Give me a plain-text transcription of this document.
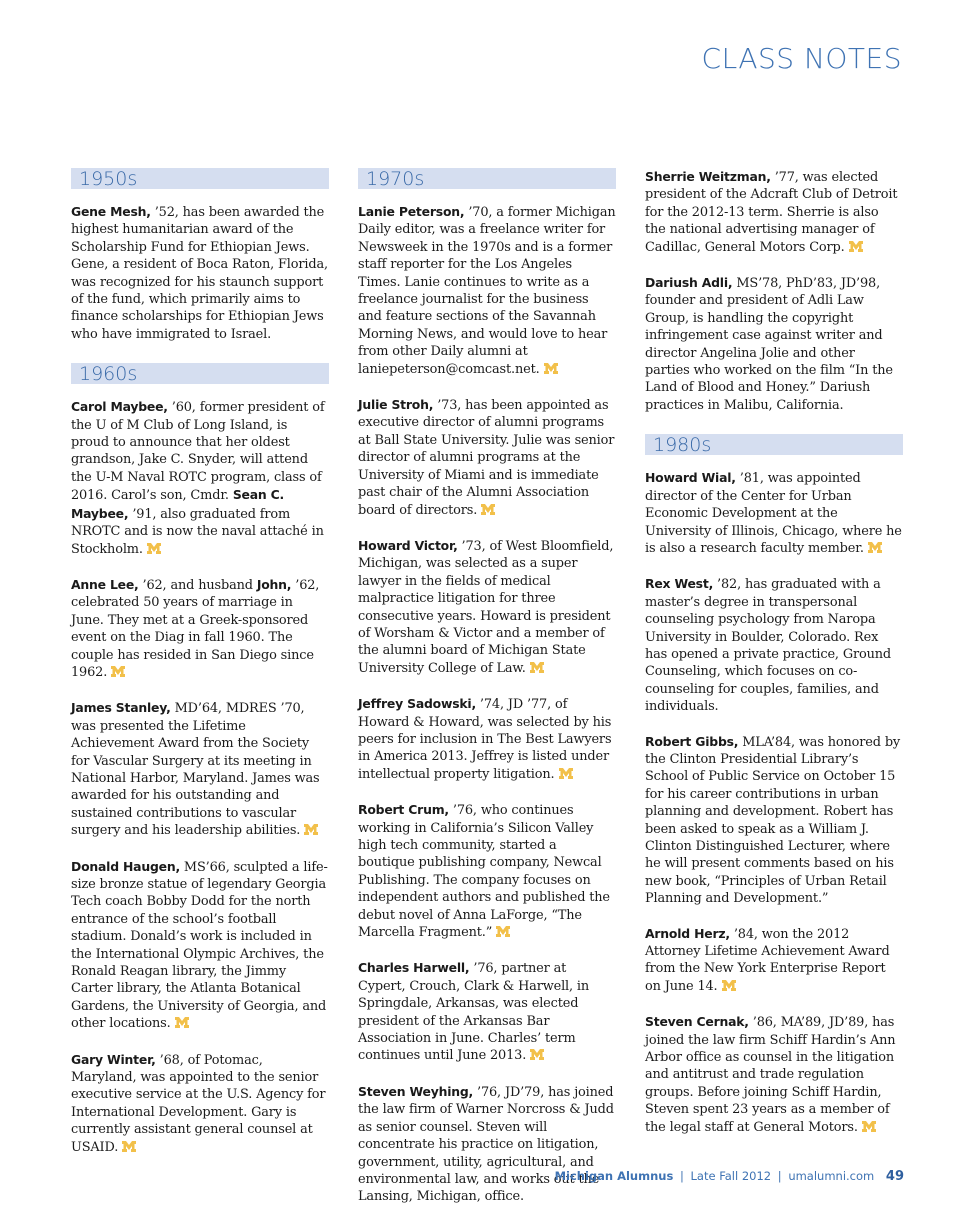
CLASS NOTES
1950s

Gene Mesh, ’52, has been awarded the highest humanitarian award of the Scholarship Fund for Ethiopian Jews. Gene, a resident of Boca Raton, Florida, was recognized for his staunch support of the fund, which primarily aims to finance scholarships for Ethiopian Jews who have immigrated to Israel.

1960s

Carol Maybee, ’60, former president of the U of M Club of Long Island, is proud to announce that her oldest grandson, Jake C. Snyder, will attend the U-M Naval ROTC program, class of 2016. Carol’s son, Cmdr. Sean C. Maybee, ’91, also graduated from NROTC and is now the naval attaché in Stockholm.

Anne Lee, ’62, and husband John, ’62, celebrated 50 years of marriage in June. They met at a Greek-sponsored event on the Diag in fall 1960. The couple has resided in San Diego since 1962.

James Stanley, MD’64, MDRES ’70, was presented the Lifetime Achievement Award from the Society for Vascular Surgery at its meeting in National Harbor, Maryland. James was awarded for his outstanding and sustained contributions to vascular surgery and his leadership abilities.

Donald Haugen, MS’66, sculpted a life-size bronze statue of legendary Georgia Tech coach Bobby Dodd for the north entrance of the school’s football stadium. Donald’s work is included in the International Olympic Archives, the Ronald Reagan library, the Jimmy Carter library, the Atlanta Botanical Gardens, the University of Georgia, and other locations.

Gary Winter, ’68, of Potomac, Maryland, was appointed to the senior executive service at the U.S. Agency for International Development. Gary is currently assistant general counsel at USAID.

1970s

Lanie Peterson, ’70, a former Michigan Daily editor, was a freelance writer for Newsweek in the 1970s and is a former staff reporter for the Los Angeles Times. Lanie continues to write as a freelance journalist for the business and feature sections of the Savannah Morning News, and would love to hear from other Daily alumni at laniepeterson@comcast.net.

Julie Stroh, ’73, has been appointed as executive director of alumni programs at Ball State University. Julie was senior director of alumni programs at the University of Miami and is immediate past chair of the Alumni Association board of directors.

Howard Victor, ’73, of West Bloomfield, Michigan, was selected as a super lawyer in the fields of medical malpractice litigation for three consecutive years. Howard is president of Worsham & Victor and a member of the alumni board of Michigan State University College of Law.

Jeffrey Sadowski, ’74, JD ’77, of Howard & Howard, was selected by his peers for inclusion in The Best Lawyers in America 2013. Jeffrey is listed under intellectual property litigation.

Robert Crum, ’76, who continues working in California’s Silicon Valley high tech community, started a boutique publishing company, Newcal Publishing. The company focuses on independent authors and published the debut novel of Anna LaForge, “The Marcella Fragment.”

Charles Harwell, ’76, partner at Cypert, Crouch, Clark & Harwell, in Springdale, Arkansas, was elected president of the Arkansas Bar Association in June. Charles’ term continues until June 2013.

Steven Weyhing, ’76, JD’79, has joined the law firm of Warner Norcross & Judd as senior counsel. Steven will concentrate his practice on litigation, government, utility, agricultural, and environmental law, and works out the Lansing, Michigan, office.

Sherrie Weitzman, ’77, was elected president of the Adcraft Club of Detroit for the 2012-13 term. Sherrie is also the national advertising manager of Cadillac, General Motors Corp.

Dariush Adli, MS’78, PhD’83, JD’98, founder and president of Adli Law Group, is handling the copyright infringement case against writer and director Angelina Jolie and other parties who worked on the film “In the Land of Blood and Honey.” Dariush practices in Malibu, California.

1980s

Howard Wial, ’81, was appointed director of the Center for Urban Economic Development at the University of Illinois, Chicago, where he is also a research faculty member.

Rex West, ’82, has graduated with a master’s degree in transpersonal counseling psychology from Naropa University in Boulder, Colorado. Rex has opened a private practice, Ground Counseling, which focuses on co-counseling for couples, families, and individuals.

Robert Gibbs, MLA’84, was honored by the Clinton Presidential Library’s School of Public Service on October 15 for his career contributions in urban planning and development. Robert has been asked to speak as a William J. Clinton Distinguished Lecturer, where he will present comments based on his new book, “Principles of Urban Retail Planning and Development.”

Arnold Herz, ’84, won the 2012 Attorney Lifetime Achievement Award from the New York Enterprise Report on June 14.

Steven Cernak, ’86, MA’89, JD’89, has joined the law firm Schiff Hardin’s Ann Arbor office as counsel in the litigation and antitrust and trade regulation groups. Before joining Schiff Hardin, Steven spent 23 years as a member of the legal staff at General Motors.

Michigan Alumnus | Late Fall 2012 | umalumni.com 49
